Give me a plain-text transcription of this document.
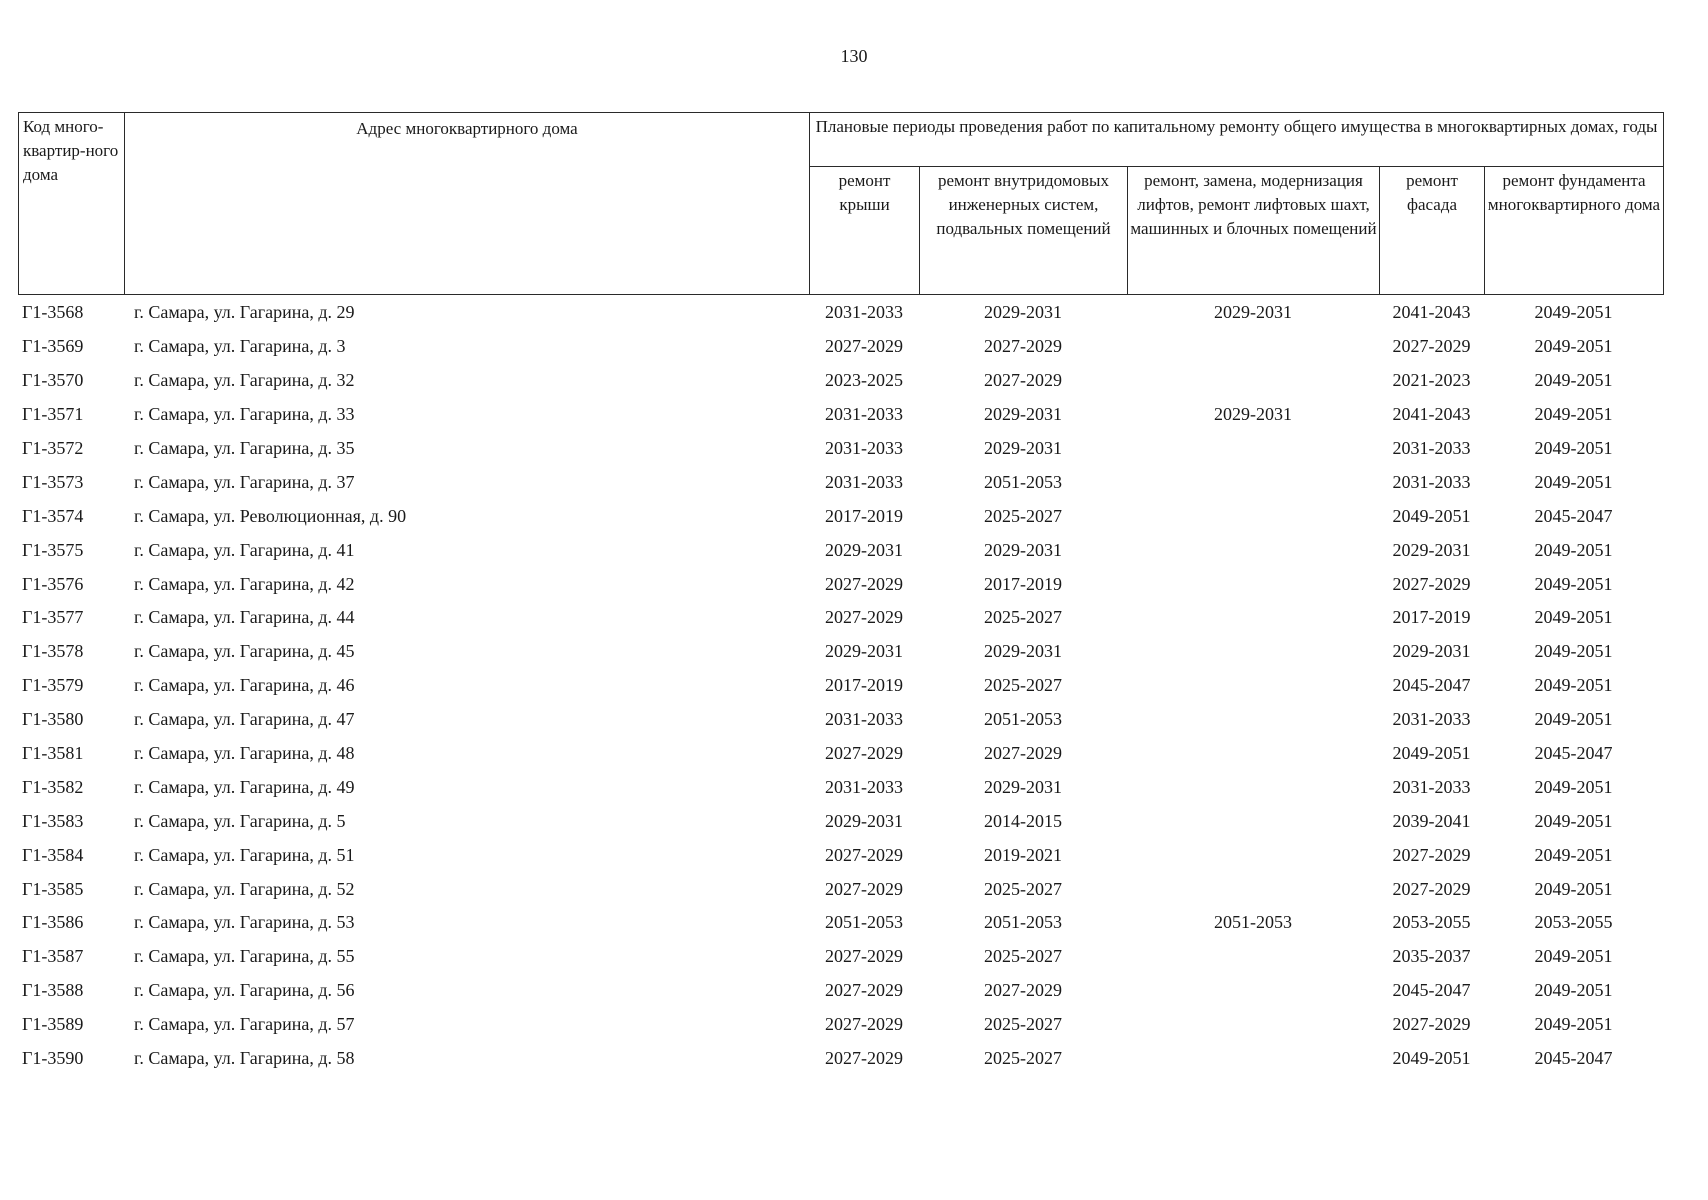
130
Код много-квартир-ного дома	Адрес многоквартирного дома	Плановые периоды проведения работ по капитальному ремонту общего имущества в многоквартирных домах, годы				
		ремонт крыши	ремонт внутридомовых инженерных систем, подвальных помещений	ремонт, замена, модернизация лифтов, ремонт лифтовых шахт, машинных и блочных помещений	ремонт фасада	ремонт фундамента многоквартирного дома
Г1-3568	г. Самара, ул. Гагарина, д. 29	2031-2033	2029-2031	2029-2031	2041-2043	2049-2051
Г1-3569	г. Самара, ул. Гагарина, д. 3	2027-2029	2027-2029		2027-2029	2049-2051
Г1-3570	г. Самара, ул. Гагарина, д. 32	2023-2025	2027-2029		2021-2023	2049-2051
Г1-3571	г. Самара, ул. Гагарина, д. 33	2031-2033	2029-2031	2029-2031	2041-2043	2049-2051
Г1-3572	г. Самара, ул. Гагарина, д. 35	2031-2033	2029-2031		2031-2033	2049-2051
Г1-3573	г. Самара, ул. Гагарина, д. 37	2031-2033	2051-2053		2031-2033	2049-2051
Г1-3574	г. Самара, ул. Революционная, д. 90	2017-2019	2025-2027		2049-2051	2045-2047
Г1-3575	г. Самара, ул. Гагарина, д. 41	2029-2031	2029-2031		2029-2031	2049-2051
Г1-3576	г. Самара, ул. Гагарина, д. 42	2027-2029	2017-2019		2027-2029	2049-2051
Г1-3577	г. Самара, ул. Гагарина, д. 44	2027-2029	2025-2027		2017-2019	2049-2051
Г1-3578	г. Самара, ул. Гагарина, д. 45	2029-2031	2029-2031		2029-2031	2049-2051
Г1-3579	г. Самара, ул. Гагарина, д. 46	2017-2019	2025-2027		2045-2047	2049-2051
Г1-3580	г. Самара, ул. Гагарина, д. 47	2031-2033	2051-2053		2031-2033	2049-2051
Г1-3581	г. Самара, ул. Гагарина, д. 48	2027-2029	2027-2029		2049-2051	2045-2047
Г1-3582	г. Самара, ул. Гагарина, д. 49	2031-2033	2029-2031		2031-2033	2049-2051
Г1-3583	г. Самара, ул. Гагарина, д. 5	2029-2031	2014-2015		2039-2041	2049-2051
Г1-3584	г. Самара, ул. Гагарина, д. 51	2027-2029	2019-2021		2027-2029	2049-2051
Г1-3585	г. Самара, ул. Гагарина, д. 52	2027-2029	2025-2027		2027-2029	2049-2051
Г1-3586	г. Самара, ул. Гагарина, д. 53	2051-2053	2051-2053	2051-2053	2053-2055	2053-2055
Г1-3587	г. Самара, ул. Гагарина, д. 55	2027-2029	2025-2027		2035-2037	2049-2051
Г1-3588	г. Самара, ул. Гагарина, д. 56	2027-2029	2027-2029		2045-2047	2049-2051
Г1-3589	г. Самара, ул. Гагарина, д. 57	2027-2029	2025-2027		2027-2029	2049-2051
Г1-3590	г. Самара, ул. Гагарина, д. 58	2027-2029	2025-2027		2049-2051	2045-2047
